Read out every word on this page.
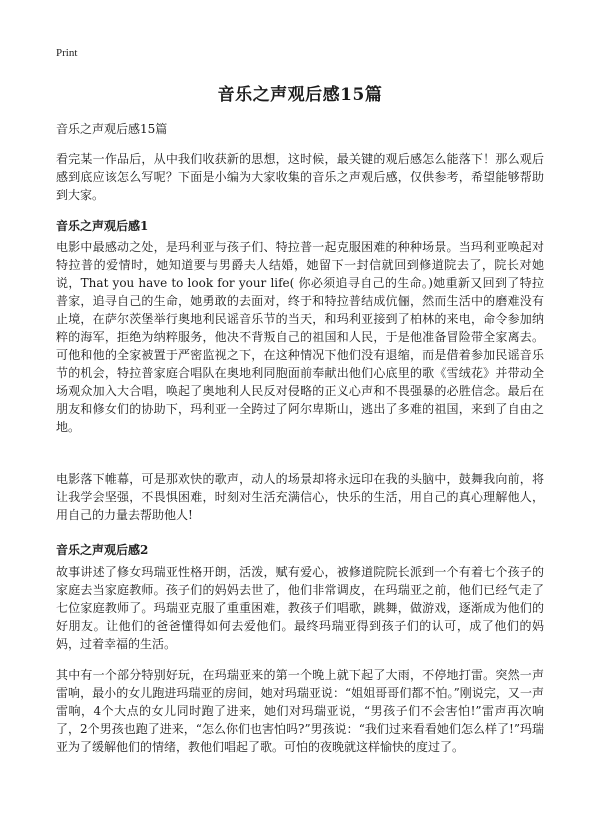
Print
音乐之声观后感15篇
音乐之声观后感15篇

看完某一作品后，从中我们收获新的思想，这时候，最关键的观后感怎么能落下！那么观后感到底应该怎么写呢？下面是小编为大家收集的音乐之声观后感，仅供参考，希望能够帮助到大家。

音乐之声观后感1

电影中最感动之处，是玛利亚与孩子们、特拉普一起克服困难的种种场景。当玛利亚唤起对特拉普的爱情时，她知道要与男爵夫人结婚，她留下一封信就回到修道院去了，院长对她说，That you have to look for your life( 你必须追寻自己的生命。)她重新又回到了特拉普家，追寻自己的生命，她勇敢的去面对，终于和特拉普结成伉俪，然而生活中的磨难没有止境，在萨尔茨堡举行奥地利民谣音乐节的当天，和玛利亚接到了柏林的来电，命令参加纳粹的海军，拒绝为纳粹服务，他决不背叛自己的祖国和人民，于是他准备冒险带全家离去。可他和他的全家被置于严密监视之下，在这种情况下他们没有退缩，而是借着参加民谣音乐节的机会，特拉普家庭合唱队在奥地利同胞面前奉献出他们心底里的歌《雪绒花》并带动全场观众加入大合唱，唤起了奥地利人民反对侵略的正义心声和不畏强暴的必胜信念。最后在朋友和修女们的协助下，玛利亚一全跨过了阿尔卑斯山，逃出了多难的祖国，来到了自由之地。

电影落下帷幕，可是那欢快的歌声，动人的场景却将永远印在我的头脑中，鼓舞我向前，将让我学会坚强，不畏惧困难，时刻对生活充满信心，快乐的生活，用自己的真心理解他人，用自己的力量去帮助他人!

音乐之声观后感2

故事讲述了修女玛瑞亚性格开朗，活泼，赋有爱心，被修道院院长派到一个有着七个孩子的家庭去当家庭教师。孩子们的妈妈去世了，他们非常调皮，在玛瑞亚之前，他们已经气走了七位家庭教师了。玛瑞亚克服了重重困难，教孩子们唱歌，跳舞，做游戏，逐渐成为他们的好朋友。让他们的爸爸懂得如何去爱他们。最终玛瑞亚得到孩子们的认可，成了他们的妈妈，过着幸福的生活。

其中有一个部分特别好玩，在玛瑞亚来的第一个晚上就下起了大雨，不停地打雷。突然一声雷响，最小的女儿跑进玛瑞亚的房间，她对玛瑞亚说：“姐姐哥哥们都不怕。”刚说完，又一声雷响，4个大点的女儿同时跑了进来，她们对玛瑞亚说，“男孩子们不会害怕!”雷声再次响了，2个男孩也跑了进来，“怎么你们也害怕吗?”男孩说：“我们过来看看她们怎么样了!”玛瑞亚为了缓解他们的情绪，教他们唱起了歌。可怕的夜晚就这样愉快的度过了。
